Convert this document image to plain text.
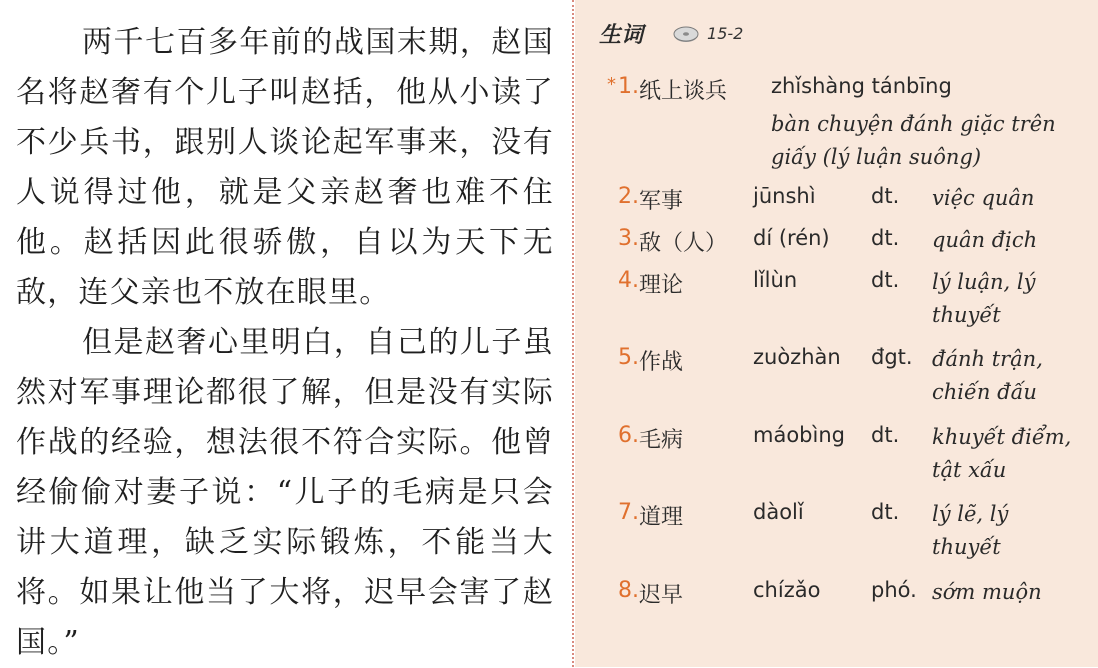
两千七百多年前的战国末期，赵国名将赵奢有个儿子叫赵括，他从小读了不少兵书，跟别人谈论起军事来，没有人说得过他，就是父亲赵奢也难不住他。赵括因此很骄傲，自以为天下无敌，连父亲也不放在眼里。

但是赵奢心里明白，自己的儿子虽然对军事理论都很了解，但是没有实际作战的经验，想法很不符合实际。他曾经偷偷对妻子说：“儿子的毛病是只会讲大道理，缺乏实际锻炼，不能当大将。如果让他当了大将，迟早会害了赵国。”

生词	15-2
*1. 纸上谈兵 zhǐshàng tánbīng
bàn chuyện đánh giặc trên giấy (lý luận suông)
2. 军事	jūnshì	dt. việc quân
3. 敌（人） dí (rén) dt. quân địch
4. 理论	lǐlùn	dt. lý luận, lý thuyết
5. 作战	zuòzhàn đgt. đánh trận, chiến đấu
6. 毛病	máobìng dt. khuyết điểm, tật xấu
7. 道理	dàolǐ	dt. lý lẽ, lý thuyết
8. 迟早	chízǎo phó. sớm muộn
